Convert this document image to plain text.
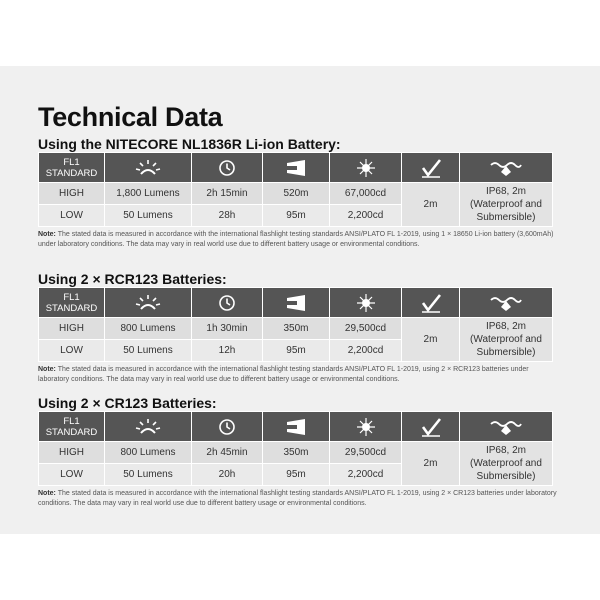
Technical Data
Using the NITECORE NL1836R Li-ion Battery:
FL1
STANDARD						
HIGH	1,800 Lumens	2h 15min	520m	67,000cd	2m	IP68, 2m
(Waterproof and
Submersible)
LOW	50 Lumens	28h	95m	2,200cd		
Note: The stated data is measured in accordance with the international flashlight testing standards ANSI/PLATO FL 1-2019, using 1 × 18650 Li-ion battery (3,600mAh) under laboratory conditions. The data may vary in real world use due to different battery usage or environmental conditions.
Using 2 × RCR123 Batteries:
FL1
STANDARD						
HIGH	800 Lumens	1h 30min	350m	29,500cd	2m	IP68, 2m
(Waterproof and
Submersible)
LOW	50 Lumens	12h	95m	2,200cd		
Note: The stated data is measured in accordance with the international flashlight testing standards ANSI/PLATO FL 1-2019, using 2 × RCR123 batteries under laboratory conditions. The data may vary in real world use due to different battery usage or environmental conditions.
Using 2 × CR123 Batteries:
FL1
STANDARD						
HIGH	800 Lumens	2h 45min	350m	29,500cd	2m	IP68, 2m
(Waterproof and
Submersible)
LOW	50 Lumens	20h	95m	2,200cd		
Note: The stated data is measured in accordance with the international flashlight testing standards ANSI/PLATO FL 1-2019, using 2 × CR123 batteries under laboratory conditions. The data may vary in real world use due to different battery usage or environmental conditions.
